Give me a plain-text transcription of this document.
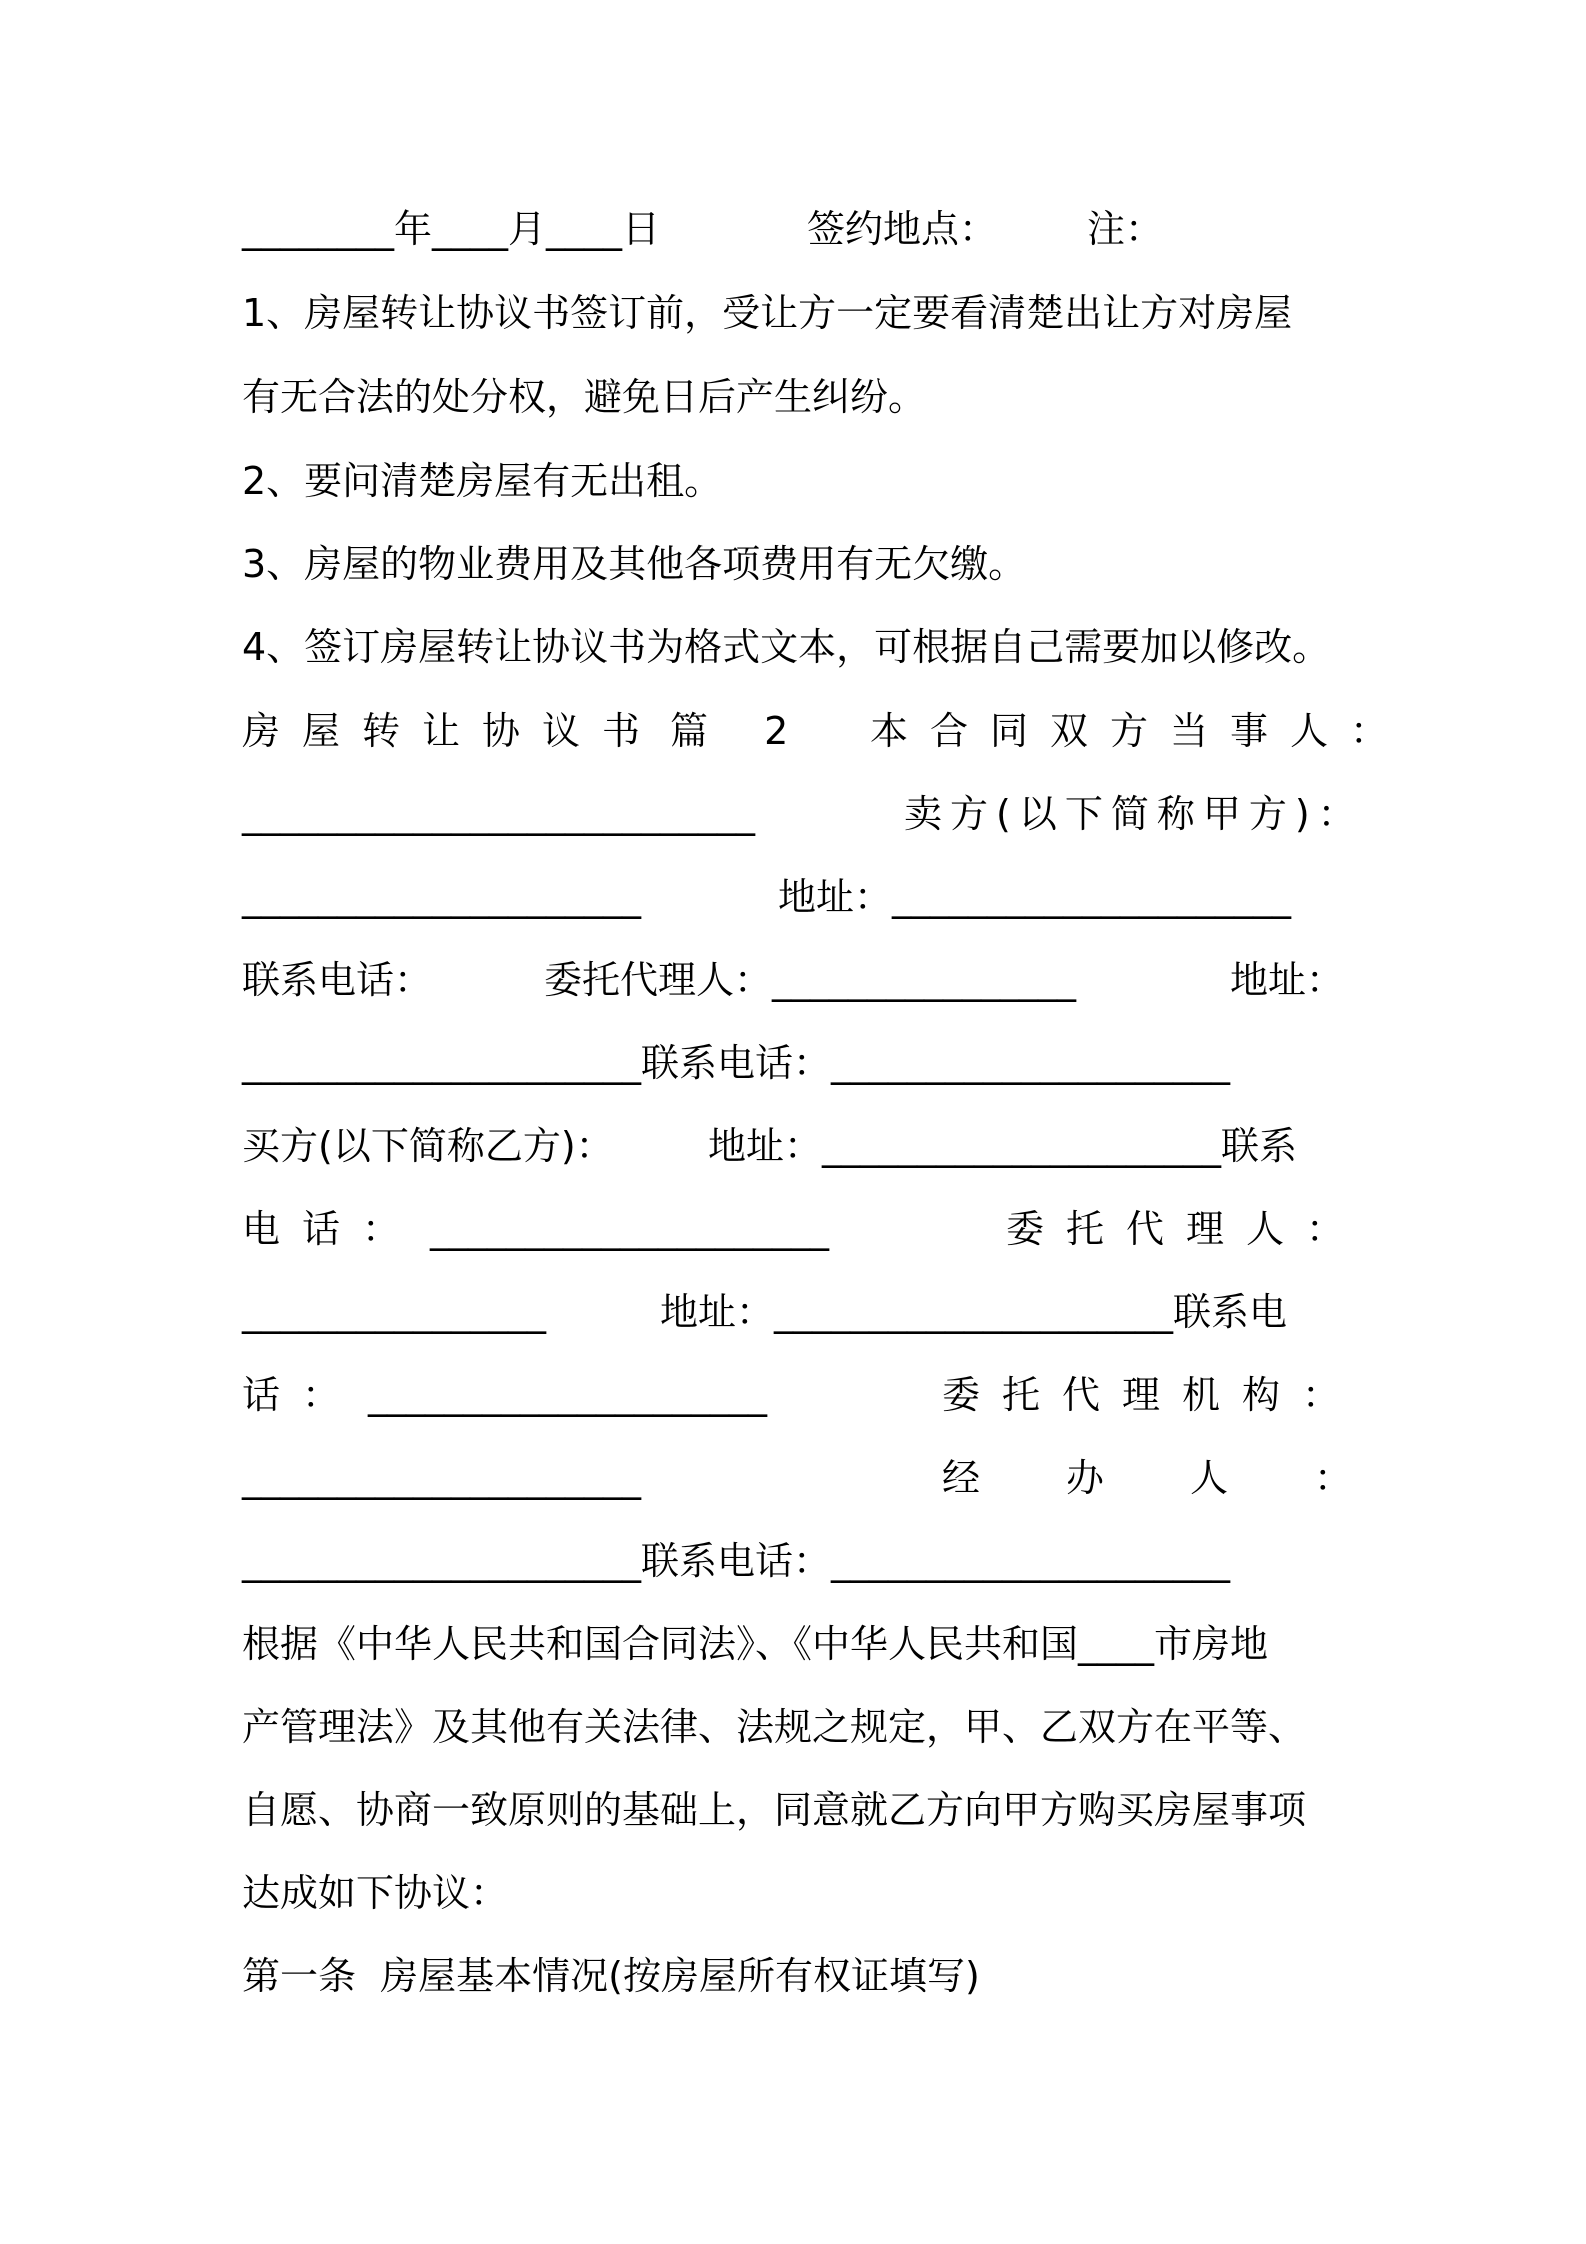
________年____月____日	签约地点： 注：
1、房屋转让协议书签订前，受让方一定要看清楚出让方对房屋
有无合法的处分权，避免日后产生纠纷。
2、要问清楚房屋有无出租。
3、房屋的物业费用及其他各项费用有无欠缴。
4、签订房屋转让协议书为格式文本，可根据自己需要加以修改。
房屋转让协议书 篇 2 本合同双方当事人：
___________________________	卖方(以下简称甲方)：
_____________________	地址：_____________________
联系电话：	委托代理人：________________	地址：
_____________________联系电话：_____________________
买方(以下简称乙方)： 地址：_____________________联系
电话： _____________________	委托代理人：
________________	地址：_____________________联系电
话： _____________________	委托代理机构：
_____________________	经办人：
_____________________联系电话：_____________________
根据《中华人民共和国合同法》、《中华人民共和国____市房地
产管理法》及其他有关法律、法规之规定，甲、乙双方在平等、
自愿、协商一致原则的基础上，同意就乙方向甲方购买房屋事项
达成如下协议：
第一条  房屋基本情况(按房屋所有权证填写)
